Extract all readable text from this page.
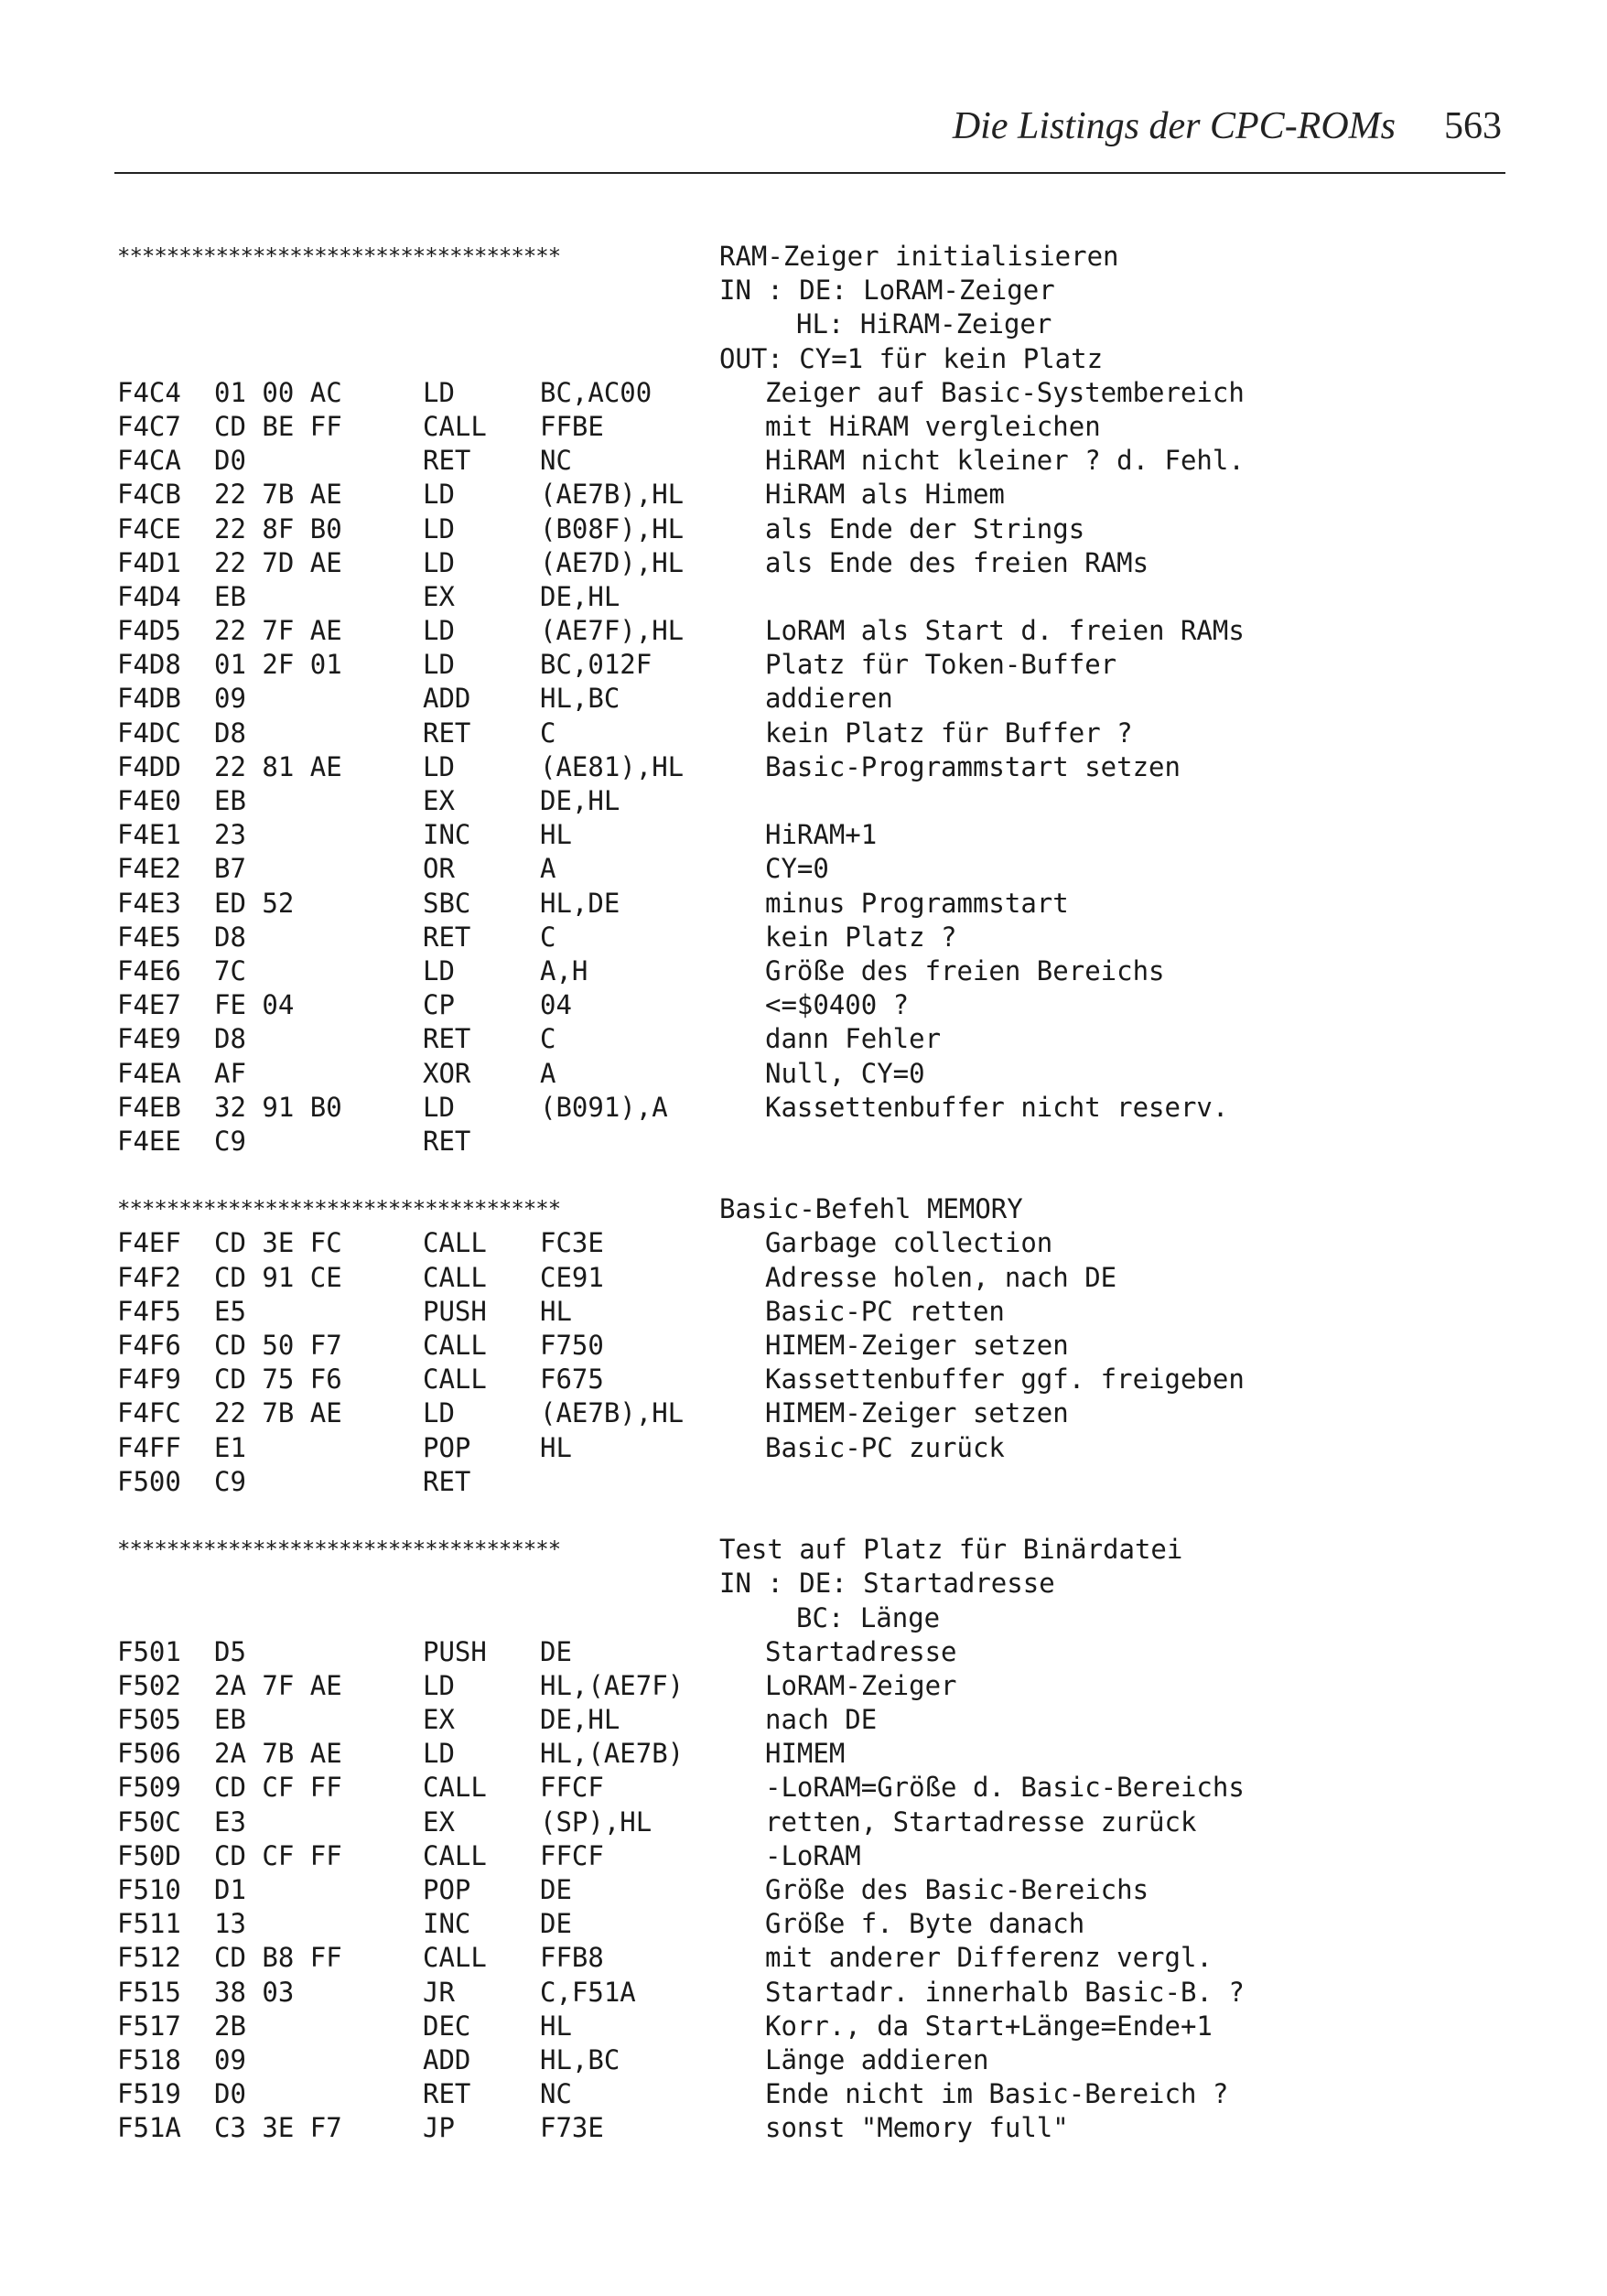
Die Listings der CPC-ROMs 563
************************************	RAM-Zeiger initialisieren
IN : DE: LoRAM-Zeiger
HL: HiRAM-Zeiger
OUT: CY=1 für kein Platz
F4C4 01 00 AC	LD	BC,AC00	Zeiger auf Basic-Systembereich
F4C7 CD BE FF	CALL FFBE	mit HiRAM vergleichen
F4CA D0	RET	NC	HiRAM nicht kleiner ? d. Fehl.
F4CB 22 7B AE	LD	(AE7B),HL	HiRAM als Himem
F4CE 22 8F B0	LD	(B08F),HL	als Ende der Strings
F4D1 22 7D AE	LD	(AE7D),HL	als Ende des freien RAMs
F4D4 EB	EX	DE,HL
F4D5 22 7F AE	LD	(AE7F),HL	LoRAM als Start d. freien RAMs
F4D8 01 2F 01	LD	BC,012F	Platz für Token-Buffer
F4DB 09	ADD	HL,BC	addieren
F4DC D8	RET	C	kein Platz für Buffer ?
F4DD 22 81 AE	LD	(AE81),HL	Basic-Programmstart setzen
F4E0 EB	EX	DE,HL
F4E1 23	INC	HL	HiRAM+1
F4E2 B7	OR	A	CY=0
F4E3 ED 52	SBC	HL,DE	minus Programmstart
F4E5 D8	RET	C	kein Platz ?
F4E6 7C	LD	A,H	Größe des freien Bereichs
F4E7 FE 04	CP	04	<=$0400 ?
F4E9 D8	RET	C	dann Fehler
F4EA AF	XOR	A	Null, CY=0
F4EB 32 91 B0	LD	(B091),A	Kassettenbuffer nicht reserv.
F4EE C9	RET
************************************	Basic-Befehl MEMORY
F4EF CD 3E FC	CALL FC3E	Garbage collection
F4F2 CD 91 CE	CALL CE91	Adresse holen, nach DE
F4F5 E5	PUSH HL	Basic-PC retten
F4F6 CD 50 F7	CALL F750	HIMEM-Zeiger setzen
F4F9 CD 75 F6	CALL F675	Kassettenbuffer ggf. freigeben
F4FC 22 7B AE	LD	(AE7B),HL	HIMEM-Zeiger setzen
F4FF E1	POP	HL	Basic-PC zurück
F500 C9	RET
************************************	Test auf Platz für Binärdatei
IN : DE: Startadresse
BC: Länge
F501 D5	PUSH DE	Startadresse
F502 2A 7F AE	LD	HL,(AE7F)	LoRAM-Zeiger
F505 EB	EX	DE,HL	nach DE
F506 2A 7B AE	LD	HL,(AE7B)	HIMEM
F509 CD CF FF	CALL FFCF	-LoRAM=Größe d. Basic-Bereichs
F50C E3	EX	(SP),HL	retten, Startadresse zurück
F50D CD CF FF	CALL FFCF	-LoRAM
F510 D1	POP	DE	Größe des Basic-Bereichs
F511 13	INC	DE	Größe f. Byte danach
F512 CD B8 FF	CALL FFB8	mit anderer Differenz vergl.
F515 38 03	JR	C,F51A	Startadr. innerhalb Basic-B. ?
F517 2B	DEC	HL	Korr., da Start+Länge=Ende+1
F518 09	ADD	HL,BC	Länge addieren
F519 D0	RET	NC	Ende nicht im Basic-Bereich ?
F51A C3 3E F7	JP	F73E	sonst "Memory full"
